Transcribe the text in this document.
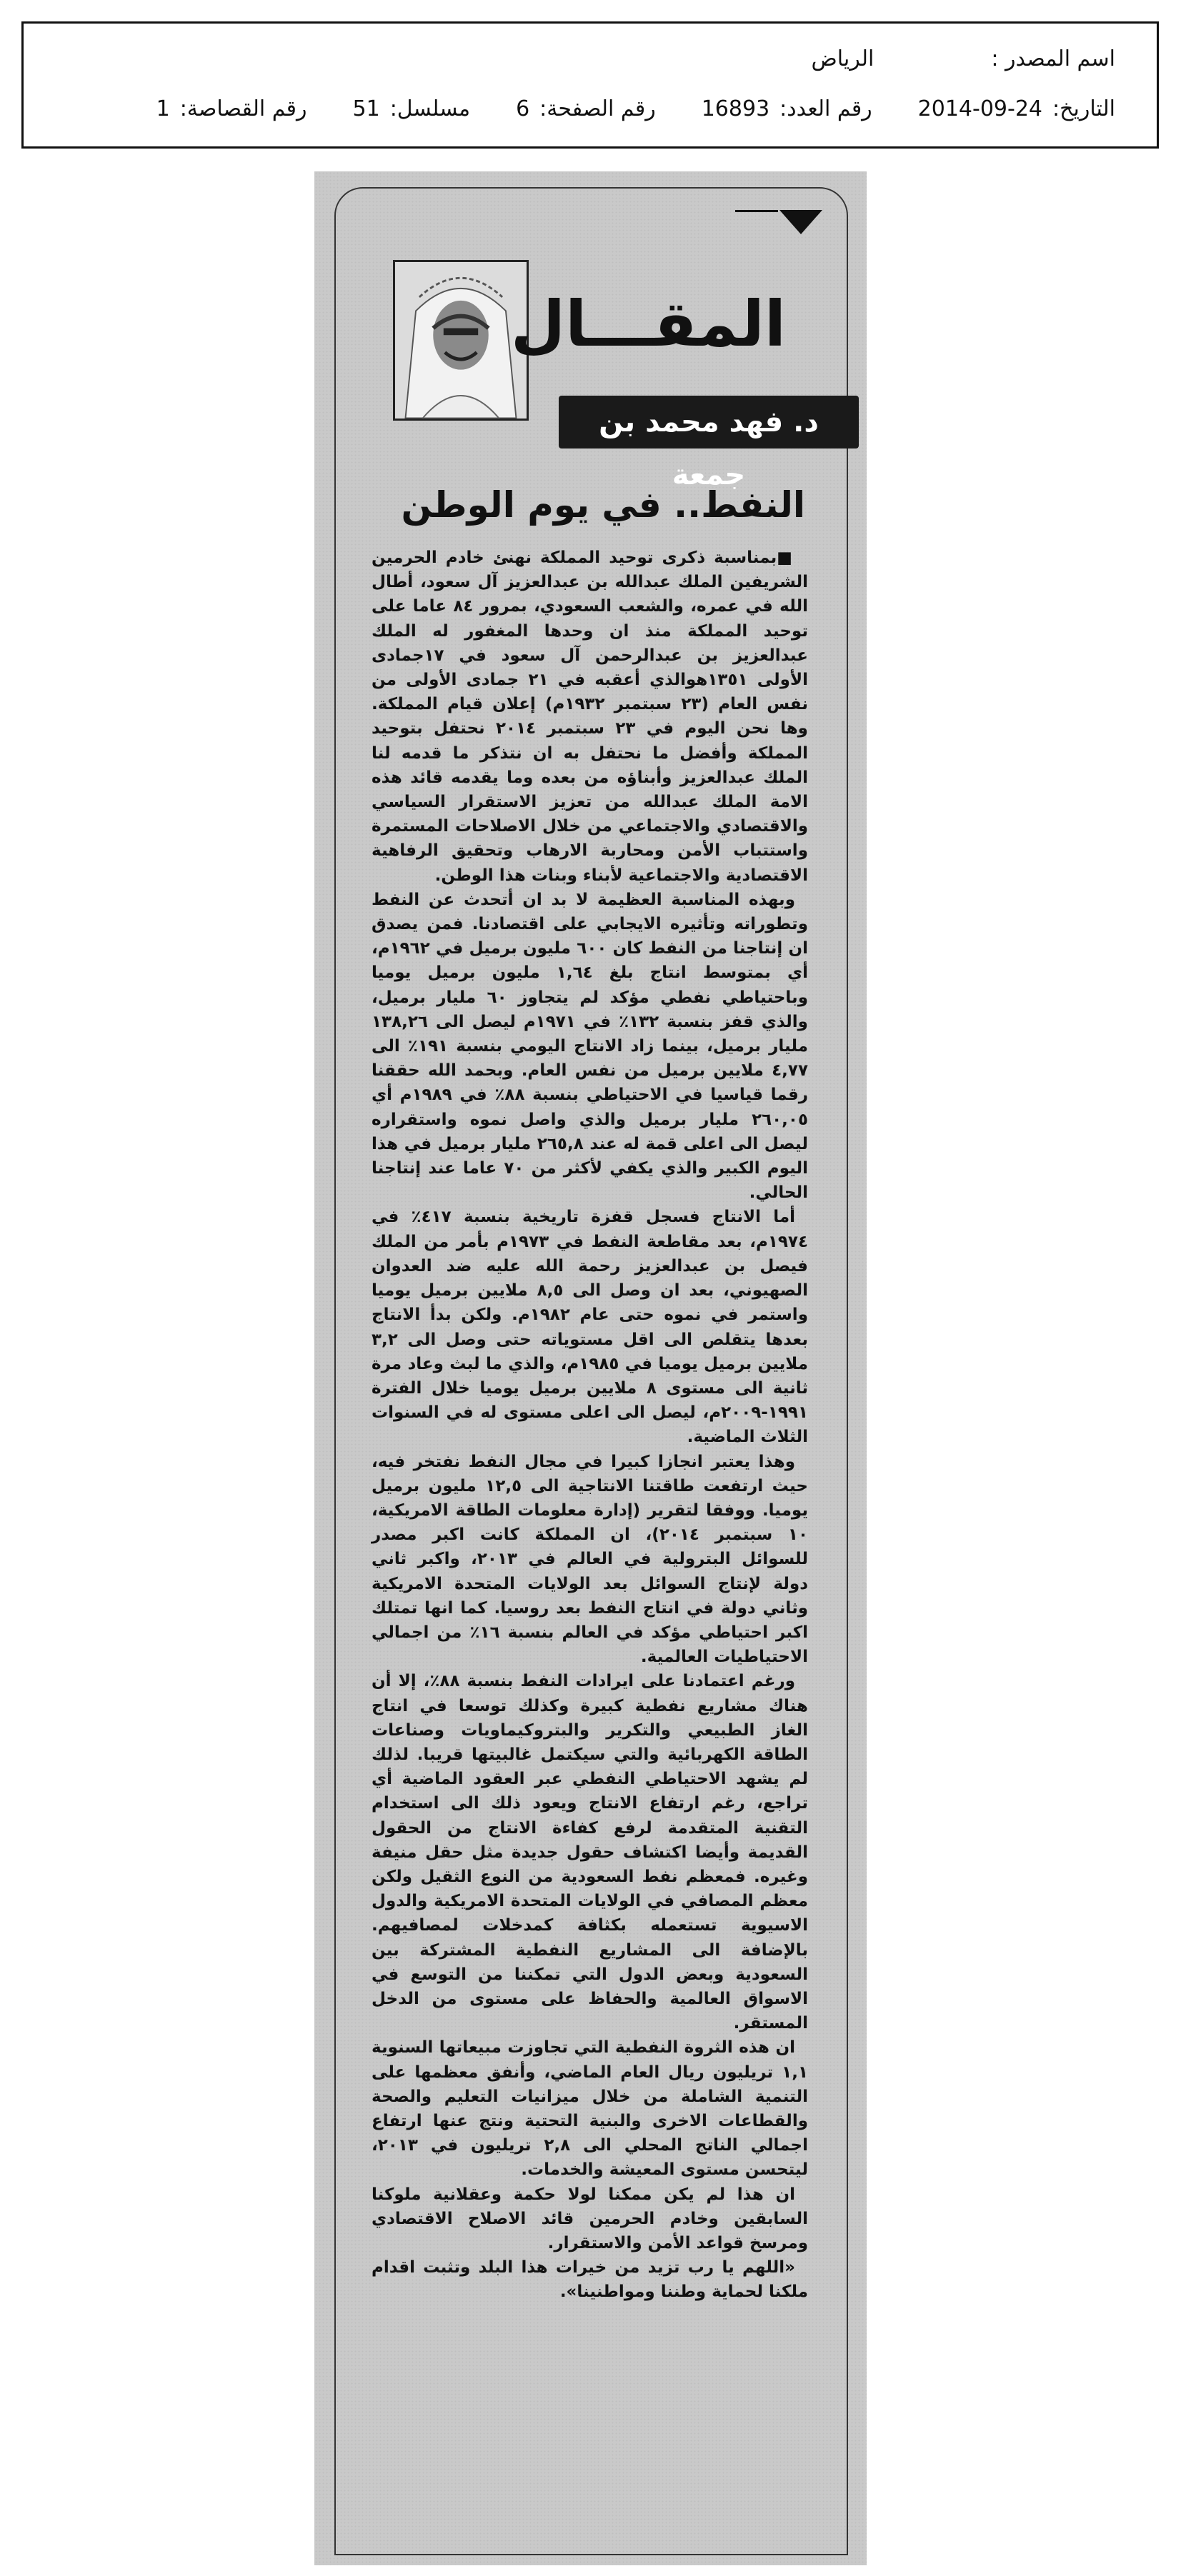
اسم المصدر :
الرياض
التاريخ:
2014-09-24
رقم العدد:
16893
رقم الصفحة:
6
مسلسل:
51
رقم القصاصة:
1
المقـــال
د. فهد محمد بن جمعة
النفط.. في يوم الوطن

■ بمناسبة ذكرى توحيد المملكة نهنئ خادم الحرمين الشريفين الملك عبدالله بن عبدالعزيز آل سعود، أطال الله في عمره، والشعب السعودي، بمرور ٨٤ عاما على توحيد المملكة منذ ان وحدها المغفور له الملك عبدالعزيز بن عبدالرحمن آل سعود في ١٧جمادى الأولى ١٣٥١هوالذي أعقبه في ٢١ جمادى الأولى من نفس العام (٢٣ سبتمبر ١٩٣٢م) إعلان قيام المملكة. وها نحن اليوم في ٢٣ سبتمبر ٢٠١٤ نحتفل بتوحيد المملكة وأفضل ما نحتفل به ان نتذكر ما قدمه لنا الملك عبدالعزيز وأبناؤه من بعده وما يقدمه قائد هذه الامة الملك عبدالله من تعزيز الاستقرار السياسي والاقتصادي والاجتماعي من خلال الاصلاحات المستمرة واستتباب الأمن ومحاربة الارهاب وتحقيق الرفاهية الاقتصادية والاجتماعية لأبناء وبنات هذا الوطن.

وبهذه المناسبة العظيمة لا بد ان أتحدث عن النفط وتطوراته وتأثيره الايجابي على اقتصادنا. فمن يصدق ان إنتاجنا من النفط كان ٦٠٠ مليون برميل في ١٩٦٢م، أي بمتوسط انتاج بلغ ١,٦٤ مليون برميل يوميا وباحتياطي نفطي مؤكد لم يتجاوز ٦٠ مليار برميل، والذي قفز بنسبة ١٣٢٪ في ١٩٧١م ليصل الى ١٣٨,٢٦ مليار برميل، بينما زاد الانتاج اليومي بنسبة ١٩١٪ الى ٤,٧٧ ملايين برميل من نفس العام. وبحمد الله حققنا رقما قياسيا في الاحتياطي بنسبة ٨٨٪ في ١٩٨٩م أي ٢٦٠,٠٥ مليار برميل والذي واصل نموه واستقراره ليصل الى اعلى قمة له عند ٢٦٥,٨ مليار برميل في هذا اليوم الكبير والذي يكفي لأكثر من ٧٠ عاما عند إنتاجنا الحالي.

أما الانتاج فسجل قفزة تاريخية بنسبة ٤١٧٪ في ١٩٧٤م، بعد مقاطعة النفط في ١٩٧٣م بأمر من الملك فيصل بن عبدالعزيز رحمة الله عليه ضد العدوان الصهيوني، بعد ان وصل الى ٨,٥ ملايين برميل يوميا واستمر في نموه حتى عام ١٩٨٢م. ولكن بدأ الانتاج بعدها يتقلص الى اقل مستوياته حتى وصل الى ٣,٢ ملايين برميل يوميا في ١٩٨٥م، والذي ما لبث وعاد مرة ثانية الى مستوى ٨ ملايين برميل يوميا خلال الفترة ١٩٩١-٢٠٠٩م، ليصل الى اعلى مستوى له في السنوات الثلاث الماضية.

وهذا يعتبر انجازا كبيرا في مجال النفط نفتخر فيه، حيث ارتفعت طاقتنا الانتاجية الى ١٢,٥ مليون برميل يوميا. ووفقا لتقرير (إدارة معلومات الطاقة الامريكية، ١٠ سبتمبر ٢٠١٤)، ان المملكة كانت اكبر مصدر للسوائل البترولية في العالم في ٢٠١٣، واكبر ثاني دولة لإنتاج السوائل بعد الولايات المتحدة الامريكية وثاني دولة في انتاج النفط بعد روسيا. كما انها تمتلك اكبر احتياطي مؤكد في العالم بنسبة ١٦٪ من اجمالي الاحتياطيات العالمية.

ورغم اعتمادنا على ايرادات النفط بنسبة ٨٨٪، إلا أن هناك مشاريع نفطية كبيرة وكذلك توسعا في انتاج الغاز الطبيعي والتكرير والبتروكيماويات وصناعات الطاقة الكهربائية والتي سيكتمل غالبيتها قريبا. لذلك لم يشهد الاحتياطي النفطي عبر العقود الماضية أي تراجع، رغم ارتفاع الانتاج ويعود ذلك الى استخدام التقنية المتقدمة لرفع كفاءة الانتاج من الحقول القديمة وأيضا اكتشاف حقول جديدة مثل حقل منيفة وغيره. فمعظم نفط السعودية من النوع الثقيل ولكن معظم المصافي في الولايات المتحدة الامريكية والدول الاسيوية تستعمله بكثافة كمدخلات لمصافيهم. بالإضافة الى المشاريع النفطية المشتركة بين السعودية وبعض الدول التي تمكننا من التوسع في الاسواق العالمية والحفاظ على مستوى من الدخل المستقر.

ان هذه الثروة النفطية التي تجاوزت مبيعاتها السنوية ١,١ تريليون ريال العام الماضي، وأنفق معظمها على التنمية الشاملة من خلال ميزانيات التعليم والصحة والقطاعات الاخرى والبنية التحتية ونتج عنها ارتفاع اجمالي الناتج المحلي الى ٢,٨ تريليون في ٢٠١٣، ليتحسن مستوى المعيشة والخدمات.

ان هذا لم يكن ممكنا لولا حكمة وعقلانية ملوكنا السابقين وخادم الحرمين قائد الاصلاح الاقتصادي ومرسخ قواعد الأمن والاستقرار.

«اللهم يا رب تزيد من خيرات هذا البلد وتثبت اقدام ملكنا لحماية وطننا ومواطنينا».
